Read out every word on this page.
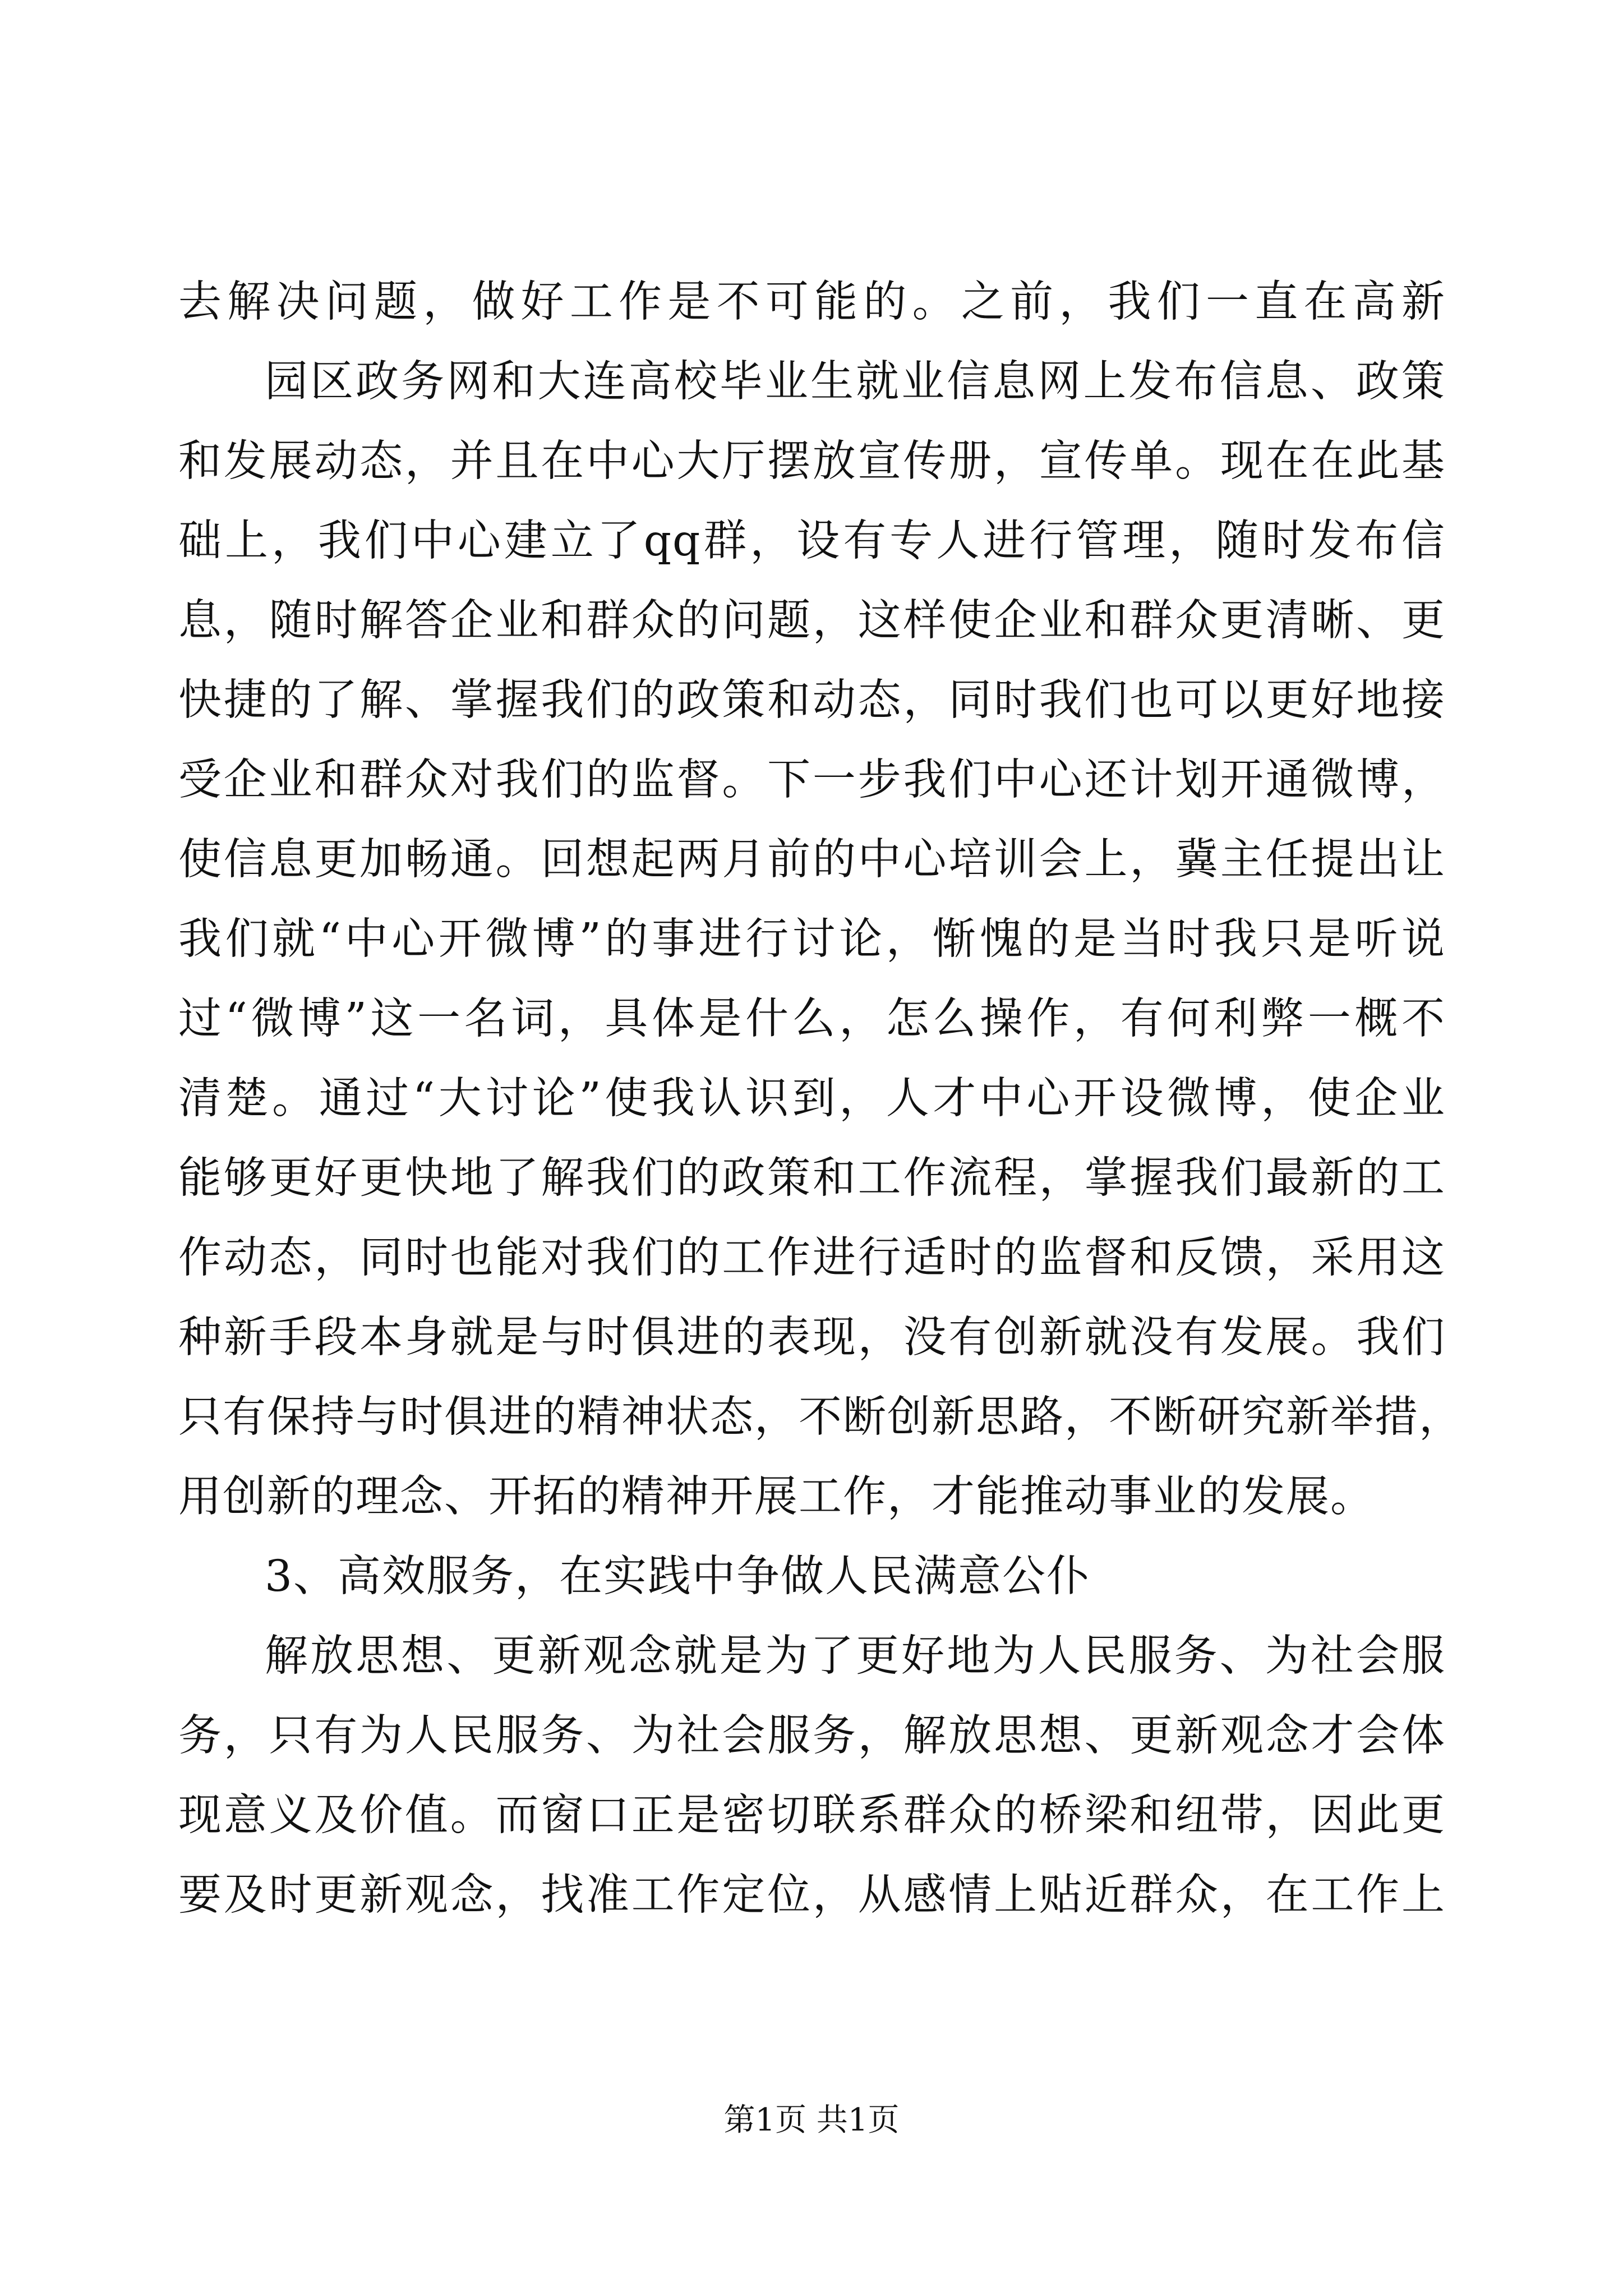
去解决问题，做好工作是不可能的。之前，我们一直在高新
园区政务网和大连高校毕业生就业信息网上发布信息、政策
和发展动态，并且在中心大厅摆放宣传册，宣传单。现在在此基
础上，我们中心建立了qq群，设有专人进行管理，随时发布信
息，随时解答企业和群众的问题，这样使企业和群众更清晰、更
快捷的了解、掌握我们的政策和动态，同时我们也可以更好地接
受企业和群众对我们的监督。下一步我们中心还计划开通微博，
使信息更加畅通。回想起两月前的中心培训会上，冀主任提出让
我们就“中心开微博”的事进行讨论，惭愧的是当时我只是听说
过“微博”这一名词，具体是什么，怎么操作，有何利弊一概不
清楚。通过“大讨论”使我认识到，人才中心开设微博，使企业
能够更好更快地了解我们的政策和工作流程，掌握我们最新的工
作动态，同时也能对我们的工作进行适时的监督和反馈，采用这
种新手段本身就是与时俱进的表现，没有创新就没有发展。我们
只有保持与时俱进的精神状态，不断创新思路，不断研究新举措，
用创新的理念、开拓的精神开展工作，才能推动事业的发展。
3、高效服务，在实践中争做人民满意公仆
解放思想、更新观念就是为了更好地为人民服务、为社会服
务，只有为人民服务、为社会服务，解放思想、更新观念才会体
现意义及价值。而窗口正是密切联系群众的桥梁和纽带，因此更
要及时更新观念，找准工作定位，从感情上贴近群众，在工作上
第1页 共1页
